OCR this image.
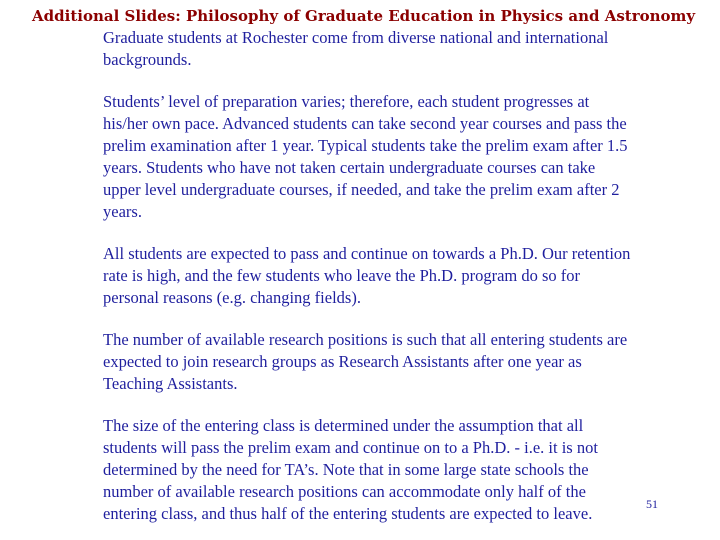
Additional Slides: Philosophy of Graduate Education in Physics and Astronomy

Graduate students at Rochester come from diverse national and international
backgrounds.

Students’ level of preparation varies; therefore, each student progresses at
his/her own pace. Advanced students can take second year courses and pass the
prelim examination after 1 year. Typical students take the prelim exam after 1.5
years. Students who have not taken certain undergraduate courses can take
upper level undergraduate courses, if needed, and take the prelim exam after 2
years.

All students are expected to pass and continue on towards a Ph.D. Our retention
rate is high, and the few students who leave the Ph.D. program do so for
personal reasons (e.g. changing fields).

The number of available research positions is such that all entering students are
expected to join research groups as Research Assistants after one year as
Teaching Assistants.

The size of the entering class is determined under the assumption that all
students will pass the prelim exam and continue on to a Ph.D. - i.e. it is not
determined by the need for TA’s. Note that in some large state schools the
number of available research positions can accommodate only half of the
entering class, and thus half of the entering students are expected to leave.	51
